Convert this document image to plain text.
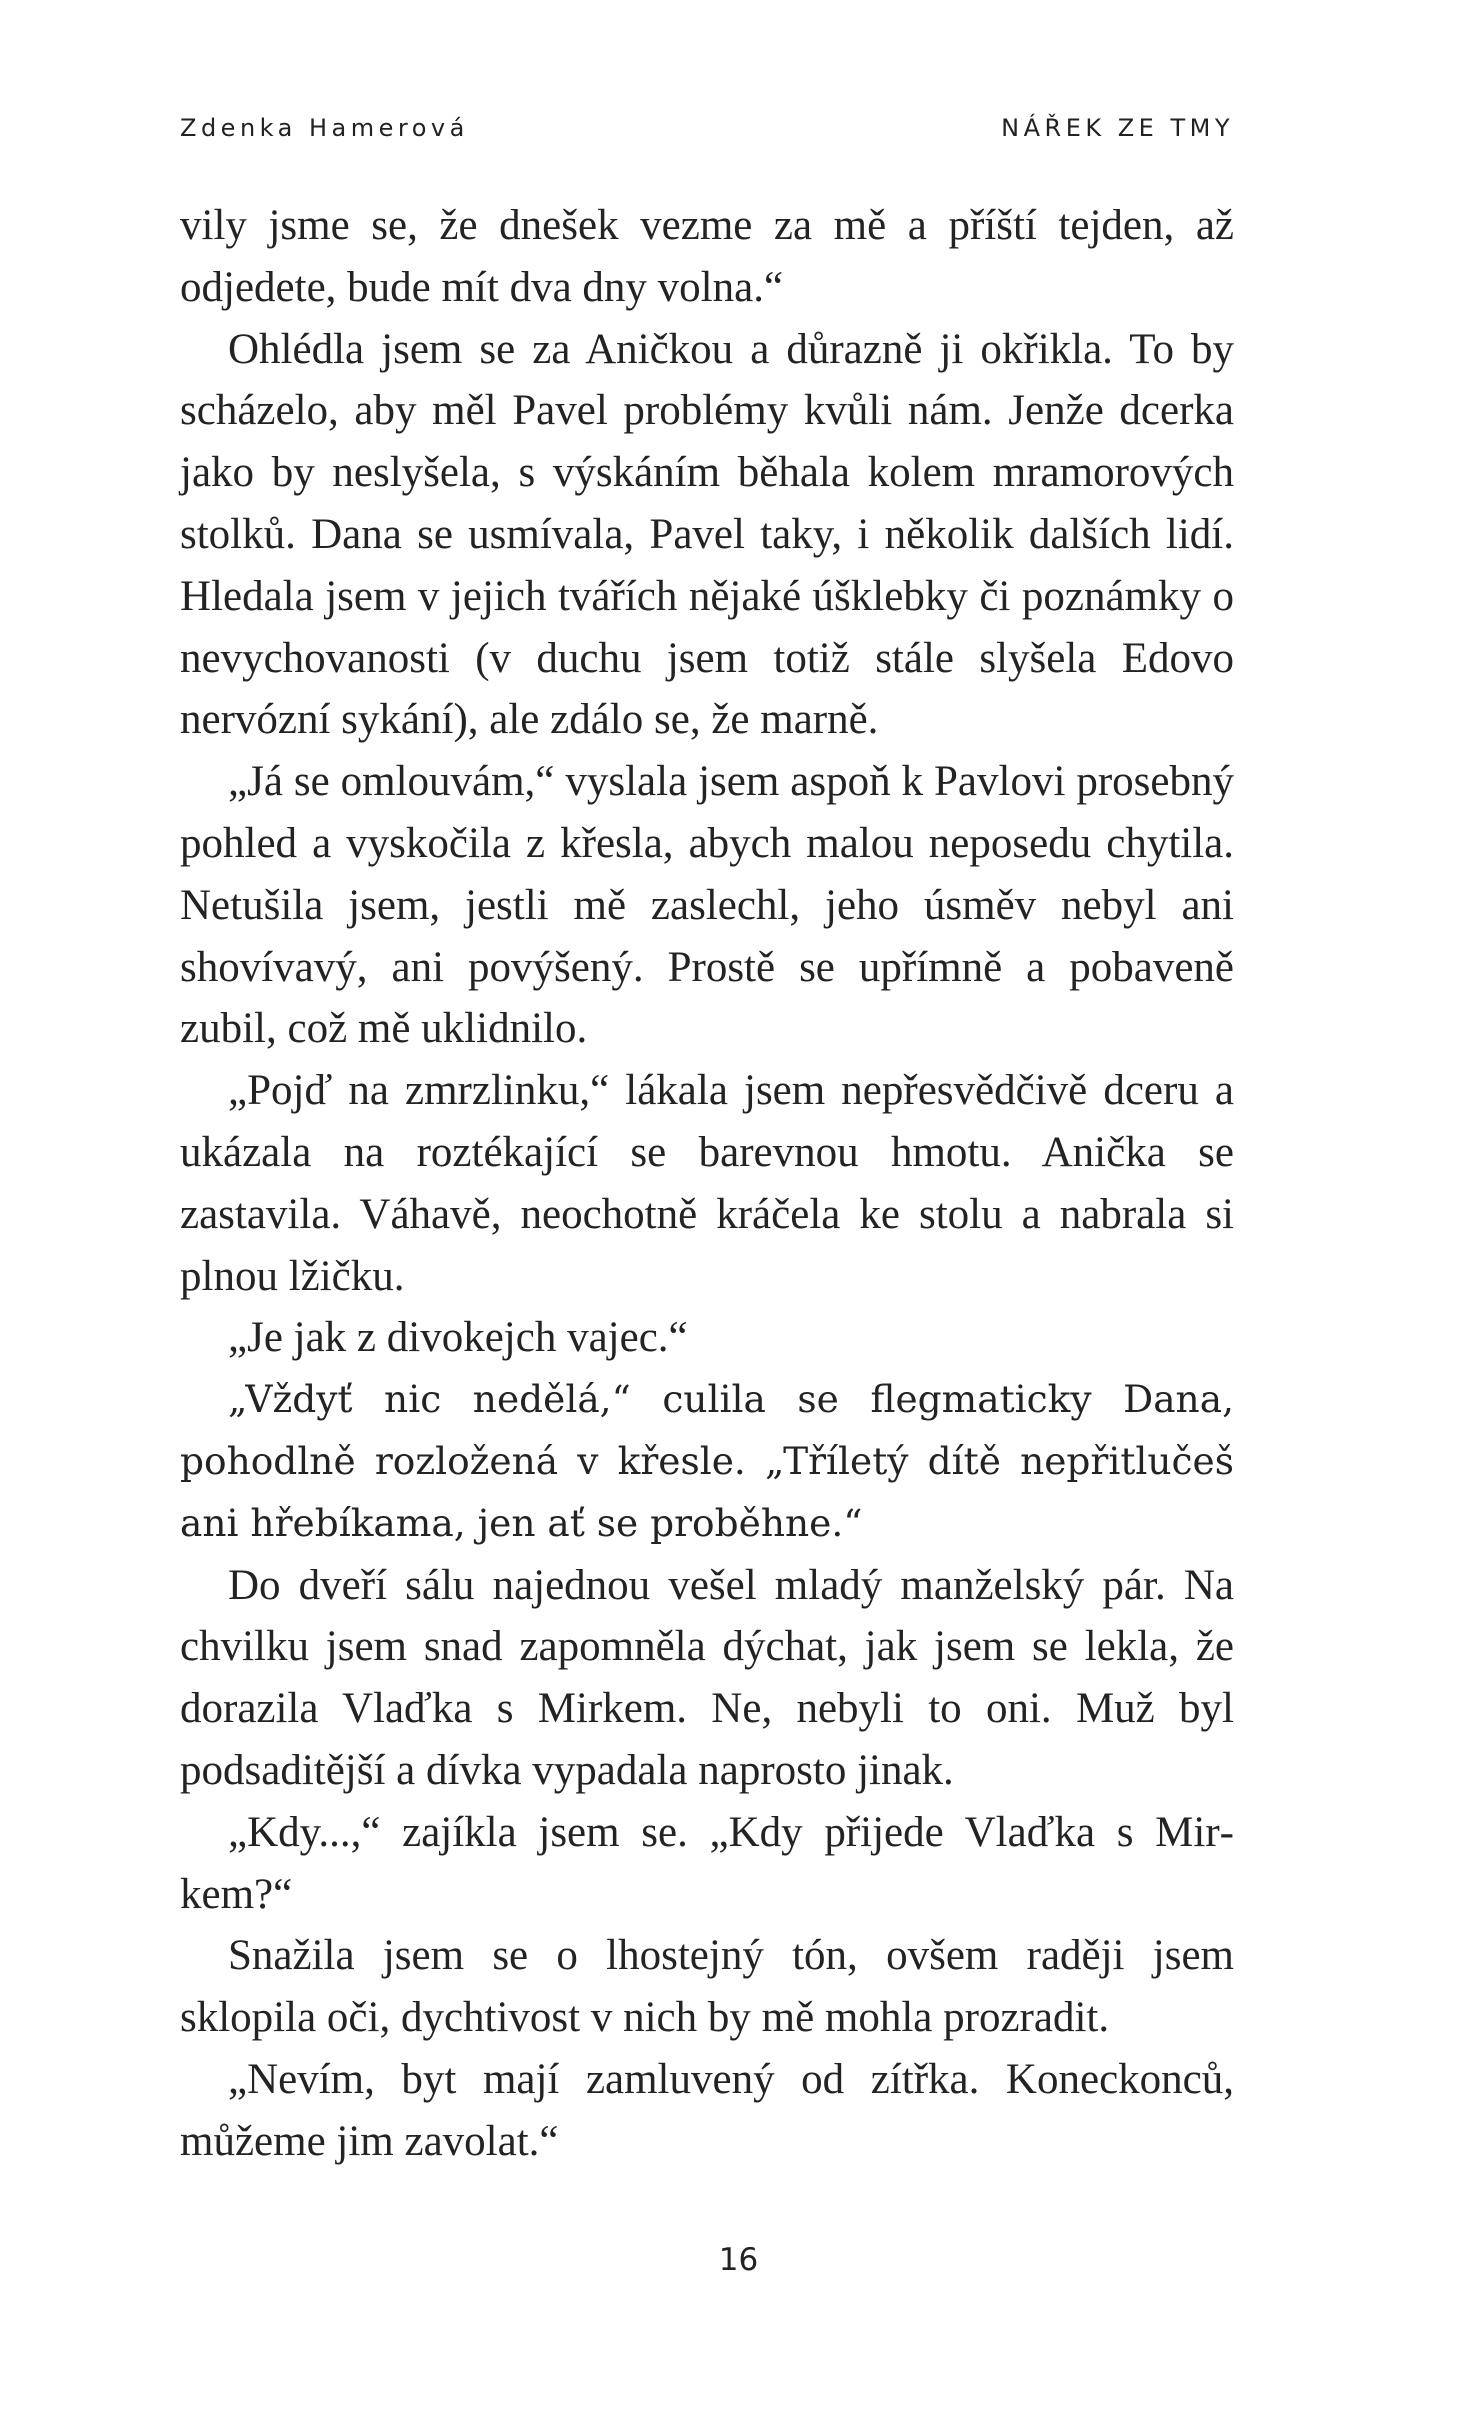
Zdenka Hamerová	NÁŘEK ZE TMY

vily jsme se, že dnešek vezme za mě a příští tejden, až odjedete, bude mít dva dny volna.“

Ohlédla jsem se za Aničkou a důrazně ji okřikla. To by scházelo, aby měl Pavel problémy kvůli nám. Jenže dcerka jako by neslyšela, s výskáním běhala kolem mramorových stolků. Dana se usmívala, Pavel taky, i několik dalších lidí. Hledala jsem v jejich tvářích nějaké úšklebky či poznámky o nevychovanosti (v duchu jsem totiž stále slyšela Edovo nervózní sykání), ale zdálo se, že marně.

„Já se omlouvám,“ vyslala jsem aspoň k Pavlovi prosebný pohled a vyskočila z křesla, abych malou neposedu chytila. Netušila jsem, jestli mě zaslechl, jeho úsměv nebyl ani shovívavý, ani povýšený. Prostě se upřímně a pobaveně zubil, což mě uklidnilo.

„Pojď na zmrzlinku,“ lákala jsem nepřesvědčivě dceru a ukázala na roztékající se barevnou hmotu. Anička se zastavila. Váhavě, neochotně kráčela ke stolu a nabrala si plnou lžičku.

„Je jak z divokejch vajec.“

„Vždyť nic nedělá,“ culila se flegmaticky Dana, pohodlně rozložená v křesle. „Tříletý dítě nepřitlučeš ani hřebíkama, jen ať se proběhne.“

Do dveří sálu najednou vešel mladý manželský pár. Na chvilku jsem snad zapomněla dýchat, jak jsem se lekla, že dorazila Vlaďka s Mirkem. Ne, nebyli to oni. Muž byl podsaditější a dívka vypadala naprosto jinak.

„Kdy...,“ zajíkla jsem se. „Kdy přijede Vlaďka s Mirkem?“

Snažila jsem se o lhostejný tón, ovšem raději jsem sklopila oči, dychtivost v nich by mě mohla prozradit.

„Nevím, byt mají zamluvený od zítřka. Koneckonců, můžeme jim zavolat.“

16
